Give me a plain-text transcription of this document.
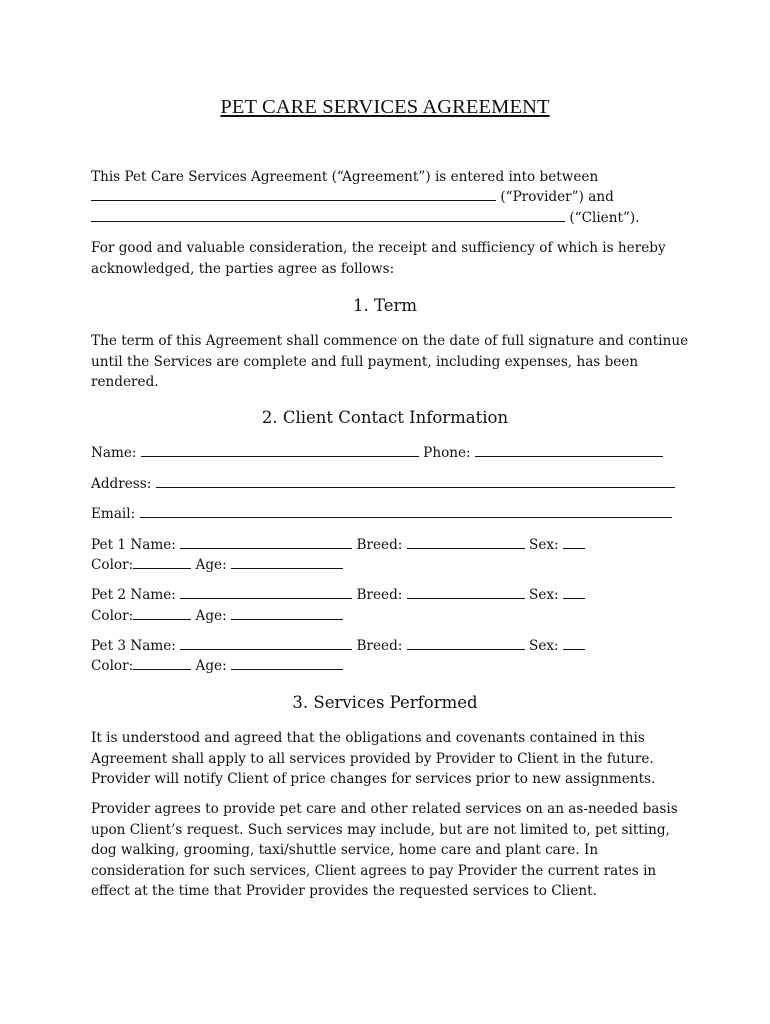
PET CARE SERVICES AGREEMENT
This Pet Care Services Agreement (“Agreement”) is entered into between
(“Provider”) and
(“Client”).
For good and valuable consideration, the receipt and sufficiency of which is hereby acknowledged, the parties agree as follows:
1. Term
The term of this Agreement shall commence on the date of full signature and continue until the Services are complete and full payment, including expenses, has been rendered.
2. Client Contact Information
Name:	Phone:
Address:
Email:
Pet 1 Name:	Breed:	Sex:
Color:	Age:
Pet 2 Name:	Breed:	Sex:
Color:	Age:
Pet 3 Name:	Breed:	Sex:
Color:	Age:
3. Services Performed
It is understood and agreed that the obligations and covenants contained in this Agreement shall apply to all services provided by Provider to Client in the future. Provider will notify Client of price changes for services prior to new assignments.
Provider agrees to provide pet care and other related services on an as-needed basis upon Client’s request. Such services may include, but are not limited to, pet sitting, dog walking, grooming, taxi/shuttle service, home care and plant care. In consideration for such services, Client agrees to pay Provider the current rates in effect at the time that Provider provides the requested services to Client.
